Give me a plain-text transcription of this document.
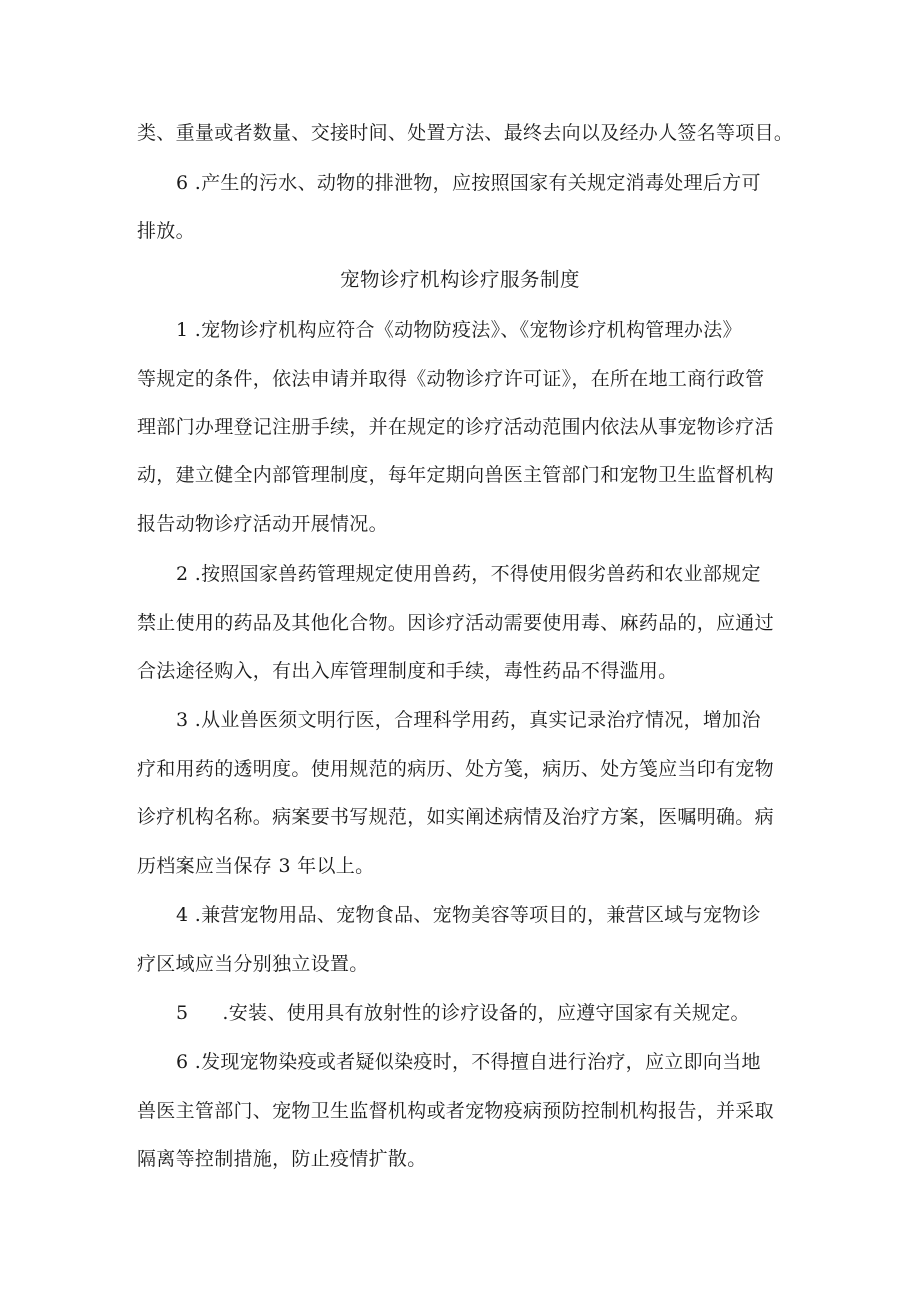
类、重量或者数量、交接时间、处置方法、最终去向以及经办人签名等项目。
6 .产生的污水、动物的排泄物，应按照国家有关规定消毒处理后方可
排放。
宠物诊疗机构诊疗服务制度
1 .宠物诊疗机构应符合《动物防疫法》、《宠物诊疗机构管理办法》
等规定的条件，依法申请并取得《动物诊疗许可证》，在所在地工商行政管
理部门办理登记注册手续，并在规定的诊疗活动范围内依法从事宠物诊疗活
动，建立健全内部管理制度，每年定期向兽医主管部门和宠物卫生监督机构
报告动物诊疗活动开展情况。
2 .按照国家兽药管理规定使用兽药，不得使用假劣兽药和农业部规定
禁止使用的药品及其他化合物。因诊疗活动需要使用毒、麻药品的，应通过
合法途径购入，有出入库管理制度和手续，毒性药品不得滥用。
3 .从业兽医须文明行医，合理科学用药，真实记录治疗情况，增加治
疗和用药的透明度。使用规范的病历、处方笺，病历、处方笺应当印有宠物
诊疗机构名称。病案要书写规范，如实阐述病情及治疗方案，医嘱明确。病
历档案应当保存 3 年以上。
4 .兼营宠物用品、宠物食品、宠物美容等项目的，兼营区域与宠物诊
疗区域应当分别独立设置。
5 .安装、使用具有放射性的诊疗设备的，应遵守国家有关规定。
6 .发现宠物染疫或者疑似染疫时，不得擅自进行治疗，应立即向当地
兽医主管部门、宠物卫生监督机构或者宠物疫病预防控制机构报告，并采取
隔离等控制措施，防止疫情扩散。
